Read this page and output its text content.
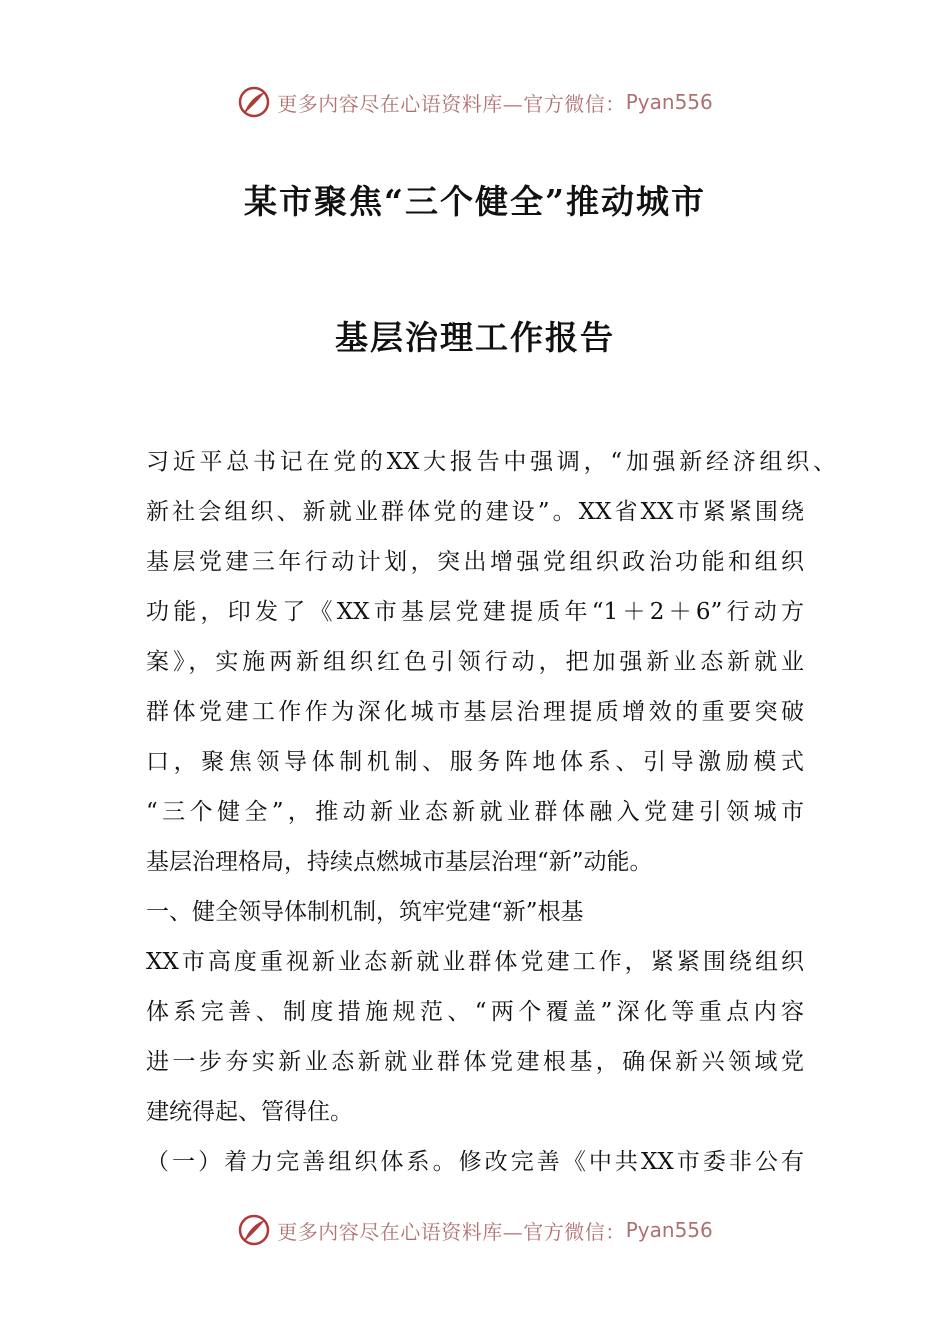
更多内容尽在心语资料库—官方微信： Pyan556
某市聚焦“三个健全”推动城市
基层治理工作报告
习近平总书记在党的XX大报告中强调，“加强新经济组织、
新社会组织、新就业群体党的建设”。XX省XX市紧紧围绕
基层党建三年行动计划，突出增强党组织政治功能和组织
功能，印发了《XX市基层党建提质年“1＋2＋6”行动方
案》，实施两新组织红色引领行动，把加强新业态新就业
群体党建工作作为深化城市基层治理提质增效的重要突破
口，聚焦领导体制机制、服务阵地体系、引导激励模式
“三个健全”，推动新业态新就业群体融入党建引领城市
基层治理格局，持续点燃城市基层治理“新”动能。
一、健全领导体制机制，筑牢党建“新”根基
XX市高度重视新业态新就业群体党建工作，紧紧围绕组织
体系完善、制度措施规范、“两个覆盖”深化等重点内容
进一步夯实新业态新就业群体党建根基，确保新兴领域党
建统得起、管得住。
（一）着力完善组织体系。修改完善《中共XX市委非公有
更多内容尽在心语资料库—官方微信： Pyan556
